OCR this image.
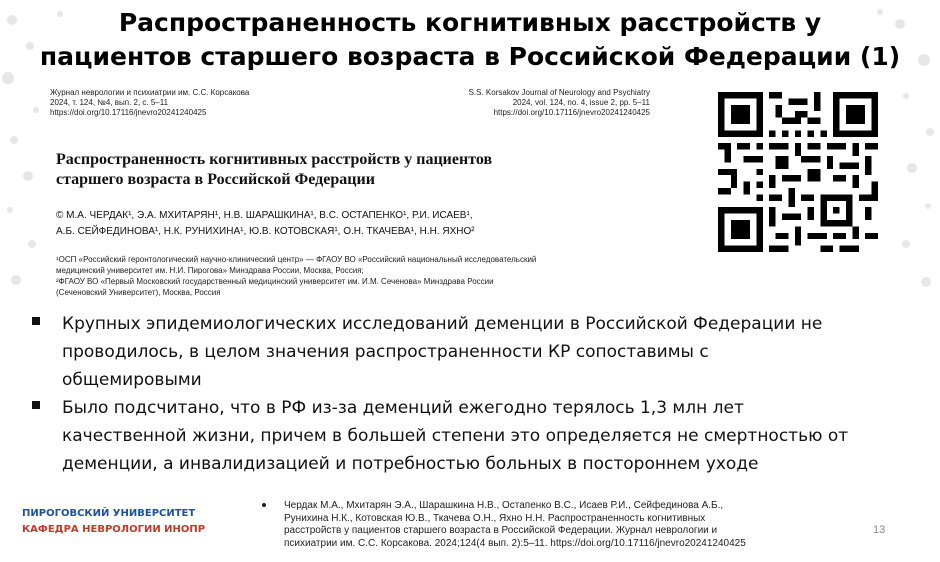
Распространенность когнитивных расстройств у
пациентов старшего возраста в Российской Федерации (1)
Журнал неврологии и психиатрии им. С.С. Корсакова
2024, т. 124, №4, вып. 2, с. 5–11
https://doi.org/10.17116/jnevro20241240425
S.S. Korsakov Journal of Neurology and Psychiatry
2024, vol. 124, no. 4, issue 2, pp. 5–11
https://doi.org/10.17116/jnevro20241240425
Распространенность когнитивных расстройств у пациентов
старшего возраста в Российской Федерации
© М.А. ЧЕРДАК¹, Э.А. МХИТАРЯН¹, Н.В. ШАРАШКИНА¹, В.С. ОСТАПЕНКО¹, Р.И. ИСАЕВ¹,
А.Б. СЕЙФЕДИНОВА¹, Н.К. РУНИХИНА¹, Ю.В. КОТОВСКАЯ¹, О.Н. ТКАЧЕВА¹, Н.Н. ЯХНО²
¹ОСП «Российский геронтологический научно-клинический центр» — ФГАОУ ВО «Российский национальный исследовательский
медицинский университет им. Н.И. Пирогова» Минздрава России, Москва, Россия;
²ФГАОУ ВО «Первый Московский государственный медицинский университет им. И.М. Сеченова» Минздрава России
(Сеченовский Университет), Москва, Россия
Крупных эпидемиологических исследований деменции в Российской Федерации не
проводилось, в целом значения распространенности КР сопоставимы с
общемировыми
Было подсчитано, что в РФ из-за деменций ежегодно терялось 1,3 млн лет
качественной жизни, причем в большей степени это определяется не смертностью от
деменции, а инвалидизацией и потребностью больных в постороннем уходе
ПИРОГОВСКИЙ УНИВЕРСИТЕТ
КАФЕДРА НЕВРОЛОГИИ ИНОПР
Чердак М.А., Мхитарян Э.А., Шарашкина Н.В., Остапенко В.С., Исаев Р.И., Сейфединова А.Б.,
Рунихина Н.К., Котовская Ю.В., Ткачева О.Н., Яхно Н.Н. Распространенность когнитивных
расстройств у пациентов старшего возраста в Российской Федерации. Журнал неврологии и
психиатрии им. С.С. Корсакова. 2024;124(4 вып. 2):5–11. https://doi.org/10.17116/jnevro20241240425
13
